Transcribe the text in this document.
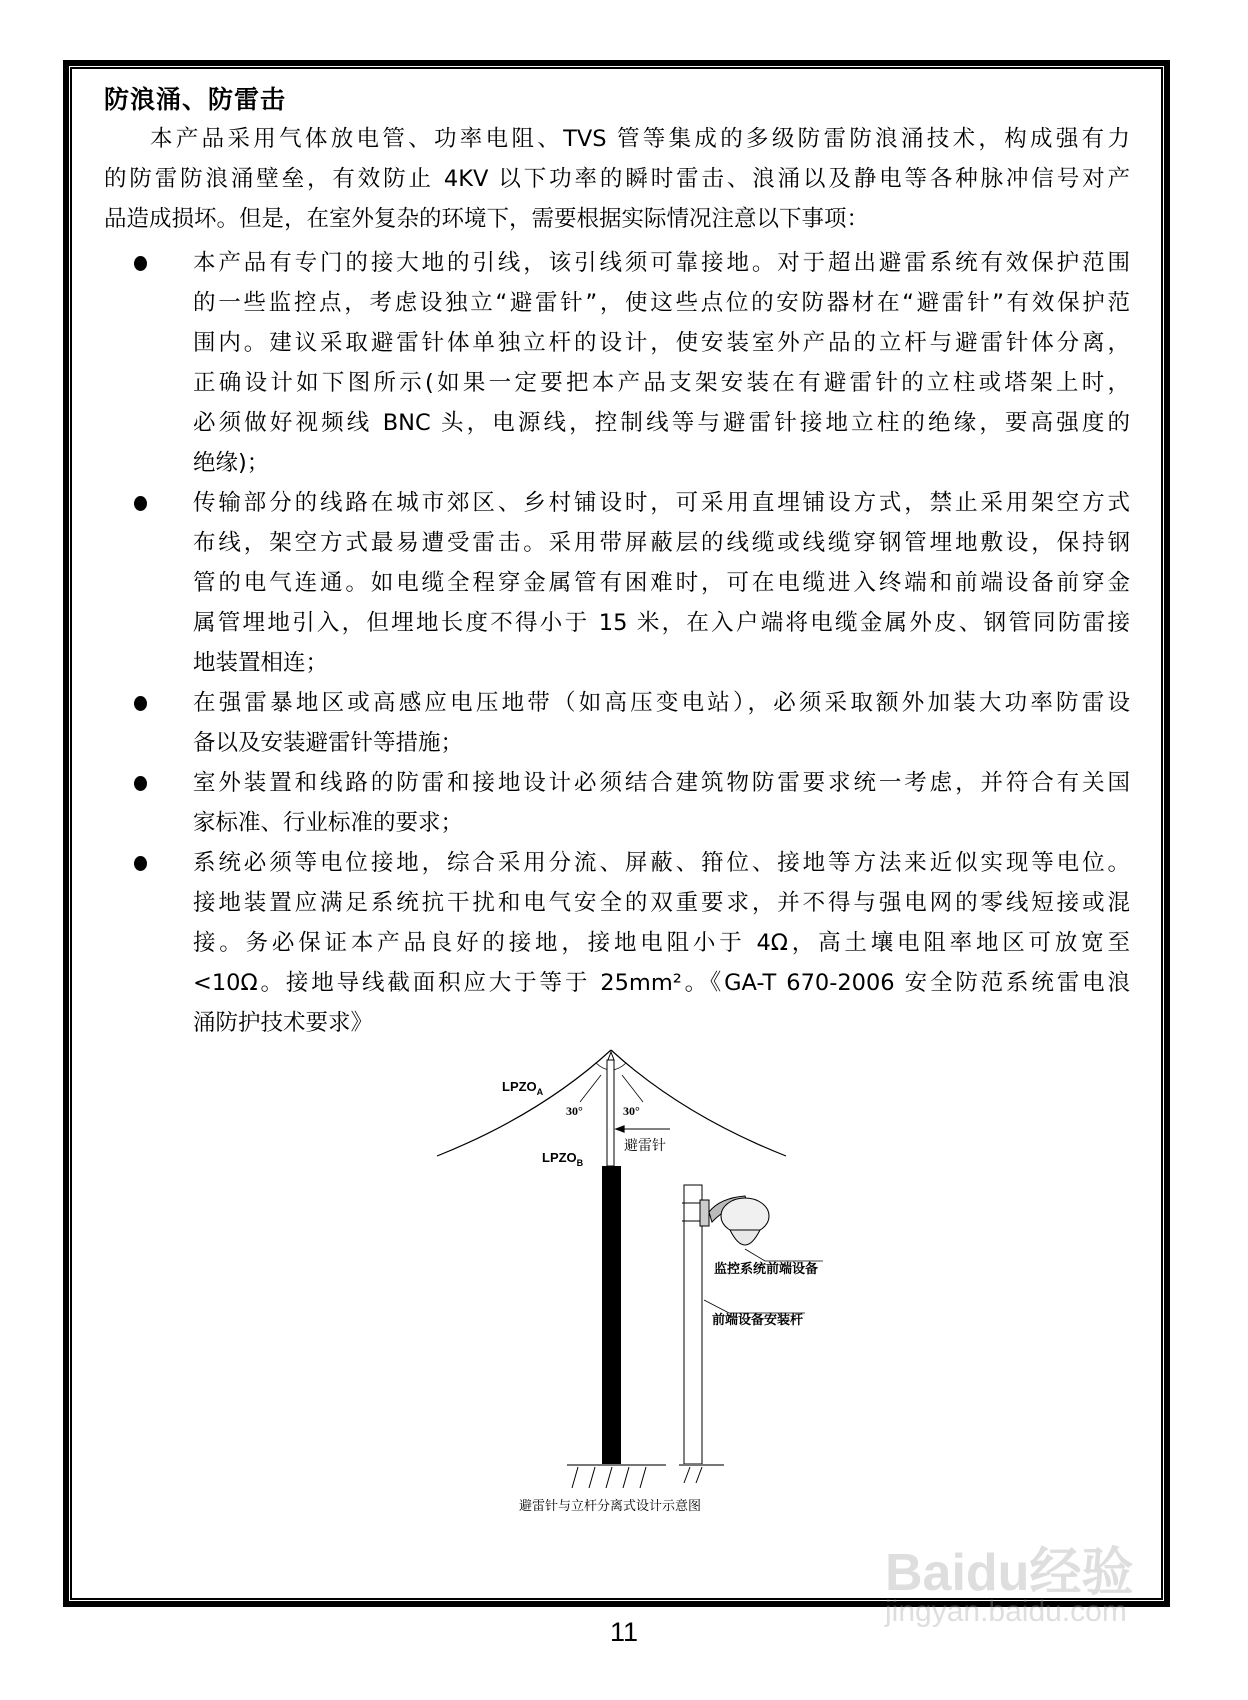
防浪涌、防雷击
本产品采用气体放电管、功率电阻、TVS 管等集成的多级防雷防浪涌技术，构成强有力
的防雷防浪涌壁垒，有效防止 4KV 以下功率的瞬时雷击、浪涌以及静电等各种脉冲信号对产
品造成损坏。但是，在室外复杂的环境下，需要根据实际情况注意以下事项：
本产品有专门的接大地的引线，该引线须可靠接地。对于超出避雷系统有效保护范围
的一些监控点，考虑设独立“避雷针”，使这些点位的安防器材在“避雷针”有效保护范
围内。建议采取避雷针体单独立杆的设计，使安装室外产品的立杆与避雷针体分离，
正确设计如下图所示(如果一定要把本产品支架安装在有避雷针的立柱或塔架上时，
必须做好视频线 BNC 头，电源线，控制线等与避雷针接地立柱的绝缘，要高强度的
绝缘)；
传输部分的线路在城市郊区、乡村铺设时，可采用直埋铺设方式，禁止采用架空方式
布线，架空方式最易遭受雷击。采用带屏蔽层的线缆或线缆穿钢管埋地敷设，保持钢
管的电气连通。如电缆全程穿金属管有困难时，可在电缆进入终端和前端设备前穿金
属管埋地引入，但埋地长度不得小于 15 米，在入户端将电缆金属外皮、钢管同防雷接
地装置相连；
在强雷暴地区或高感应电压地带（如高压变电站），必须采取额外加装大功率防雷设
备以及安装避雷针等措施；
室外装置和线路的防雷和接地设计必须结合建筑物防雷要求统一考虑，并符合有关国
家标准、行业标准的要求；
系统必须等电位接地，综合采用分流、屏蔽、箝位、接地等方法来近似实现等电位。
接地装置应满足系统抗干扰和电气安全的双重要求，并不得与强电网的零线短接或混
接。务必保证本产品良好的接地，接地电阻小于 4Ω，高土壤电阻率地区可放宽至
<10Ω。接地导线截面积应大于等于 25mm²。《GA-T 670-2006 安全防范系统雷电浪
涌防护技术要求》
$LPZO_A$
$LPZO_B$
30°	30°
避雷针
监控系统前端设备
前端设备安装杆
避雷针与立杆分离式设计示意图
11
Baidu经验
jingyan.baidu.com
